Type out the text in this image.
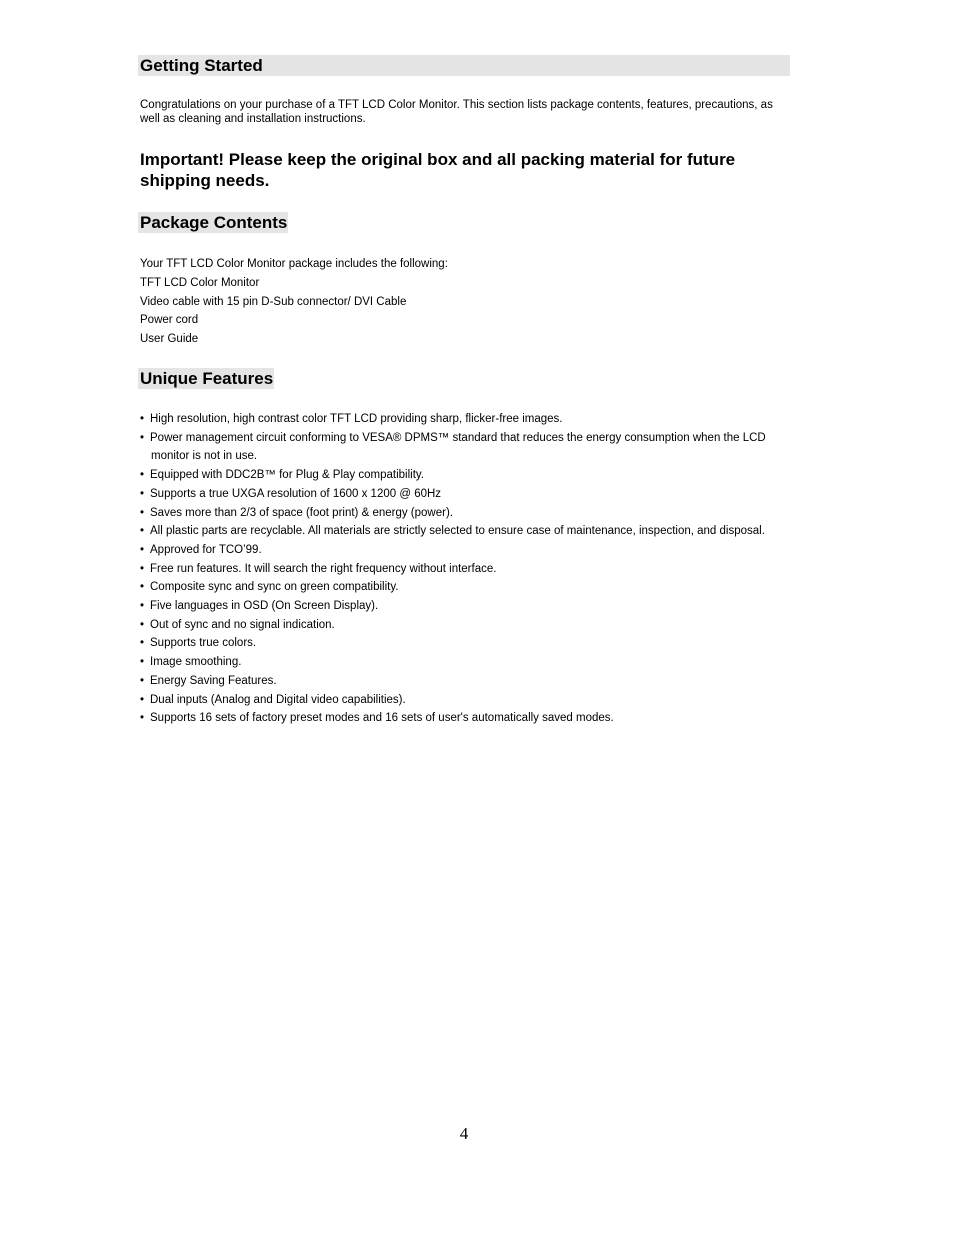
Getting Started

Congratulations on your purchase of a TFT LCD Color Monitor. This section lists package contents, features, precautions, as well as cleaning and installation instructions.

Important! Please keep the original box and all packing material for future shipping needs.

Package Contents
Your TFT LCD Color Monitor package includes the following:
TFT LCD Color Monitor
Video cable with 15 pin D-Sub connector/ DVI Cable
Power cord
User Guide
Unique Features
• High resolution, high contrast color TFT LCD providing sharp, flicker-free images.
• Power management circuit conforming to VESA® DPMS™ standard that reduces the energy consumption when the LCD monitor is not in use.
• Equipped with DDC2B™ for Plug & Play compatibility.
• Supports a true UXGA resolution of 1600 x 1200 @ 60Hz
• Saves more than 2/3 of space (foot print) & energy (power).
• All plastic parts are recyclable. All materials are strictly selected to ensure case of maintenance, inspection, and disposal.
• Approved for TCO’99.
• Free run features. It will search the right frequency without interface.
• Composite sync and sync on green compatibility.
• Five languages in OSD (On Screen Display).
• Out of sync and no signal indication.
• Supports true colors.
• Image smoothing.
• Energy Saving Features.
• Dual inputs (Analog and Digital video capabilities).
• Supports 16 sets of factory preset modes and 16 sets of user's automatically saved modes.
4
